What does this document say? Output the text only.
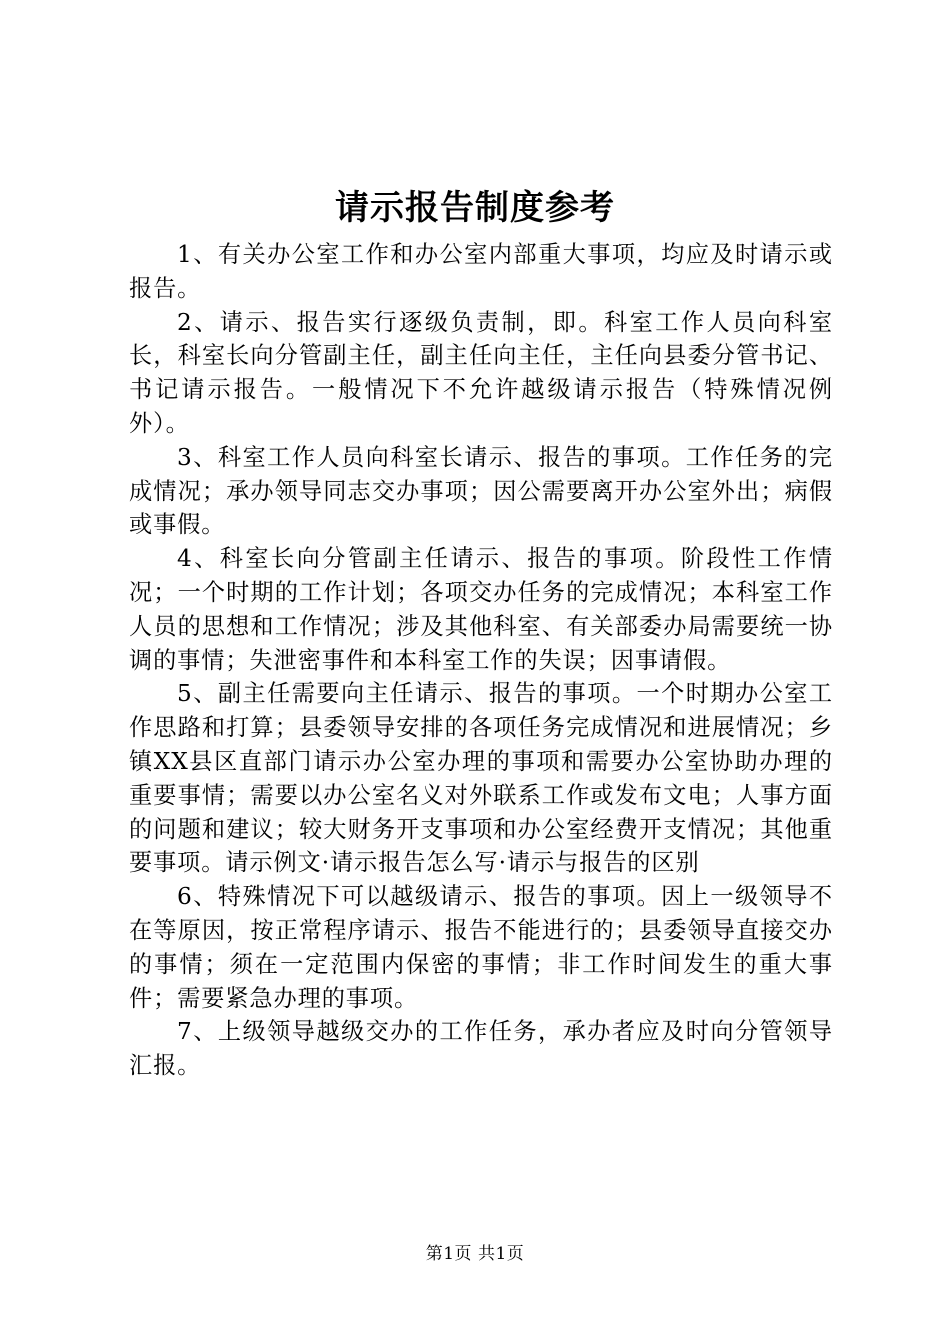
请示报告制度参考

1、有关办公室工作和办公室内部重大事项，均应及时请示或报告。

2、请示、报告实行逐级负责制，即。科室工作人员向科室长，科室长向分管副主任，副主任向主任，主任向县委分管书记、书记请示报告。一般情况下不允许越级请示报告（特殊情况例外）。

3、科室工作人员向科室长请示、报告的事项。工作任务的完成情况；承办领导同志交办事项；因公需要离开办公室外出；病假或事假。

4、科室长向分管副主任请示、报告的事项。阶段性工作情况；一个时期的工作计划；各项交办任务的完成情况；本科室工作人员的思想和工作情况；涉及其他科室、有关部委办局需要统一协调的事情；失泄密事件和本科室工作的失误；因事请假。

5、副主任需要向主任请示、报告的事项。一个时期办公室工作思路和打算；县委领导安排的各项任务完成情况和进展情况；乡镇XX县区直部门请示办公室办理的事项和需要办公室协助办理的重要事情；需要以办公室名义对外联系工作或发布文电；人事方面的问题和建议；较大财务开支事项和办公室经费开支情况；其他重要事项。请示例文·请示报告怎么写·请示与报告的区别

6、特殊情况下可以越级请示、报告的事项。因上一级领导不在等原因，按正常程序请示、报告不能进行的；县委领导直接交办的事情；须在一定范围内保密的事情；非工作时间发生的重大事件；需要紧急办理的事项。

7、上级领导越级交办的工作任务，承办者应及时向分管领导汇报。

第1页 共1页
